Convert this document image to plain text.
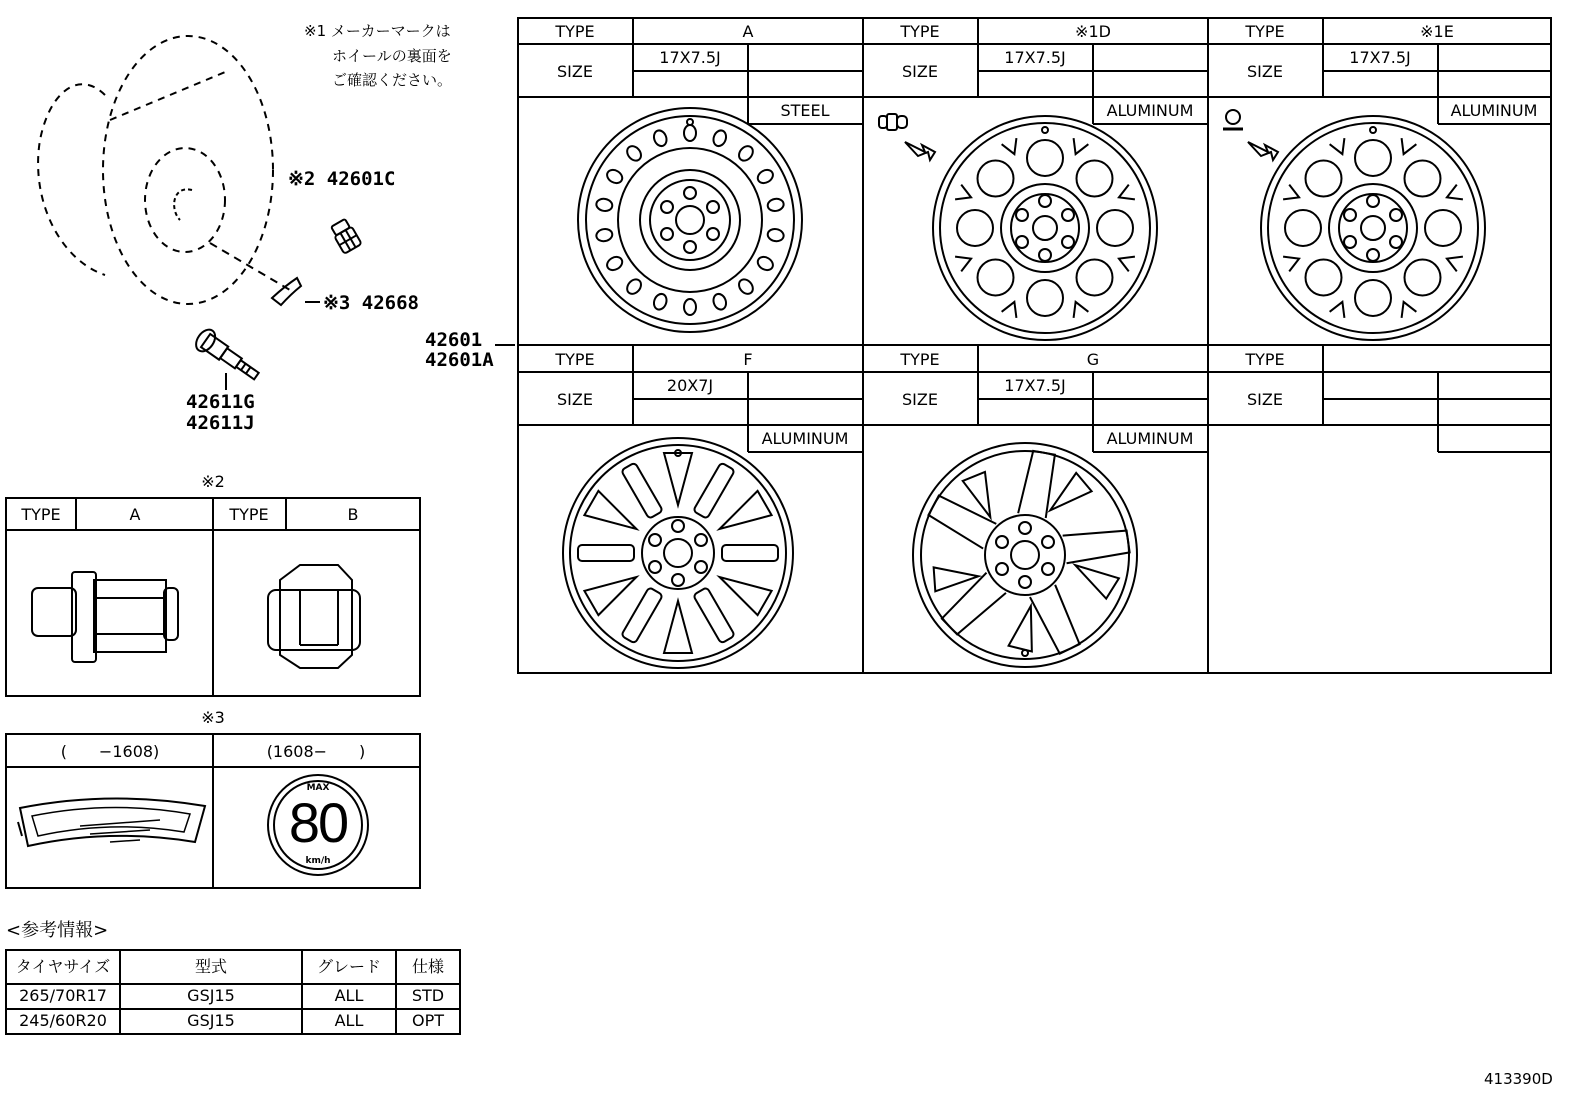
※1 メーカーマークは
ホイールの裏面を
ご確認ください。
※2 42601C
※3 42668
42611G
42611J
42601
42601A
TYPE	A
SIZE
17X7.5J
STEEL
TYPE	※1D
SIZE
17X7.5J
ALUMINUM
TYPE	※1E
SIZE
17X7.5J
ALUMINUM
TYPE	F
SIZE
20X7J
ALUMINUM
TYPE	G
SIZE
17X7.5J
ALUMINUM
TYPE
SIZE
※2
TYPE	A	TYPE	B
※3
(　　−1608)	(1608−　　)
MAX
80
km/h
<参考情報>
タイヤサイズ	型式	グレード 仕様
265/70R17	GSJ15	ALL	STD
245/60R20	GSJ15	ALL	OPT
413390D
